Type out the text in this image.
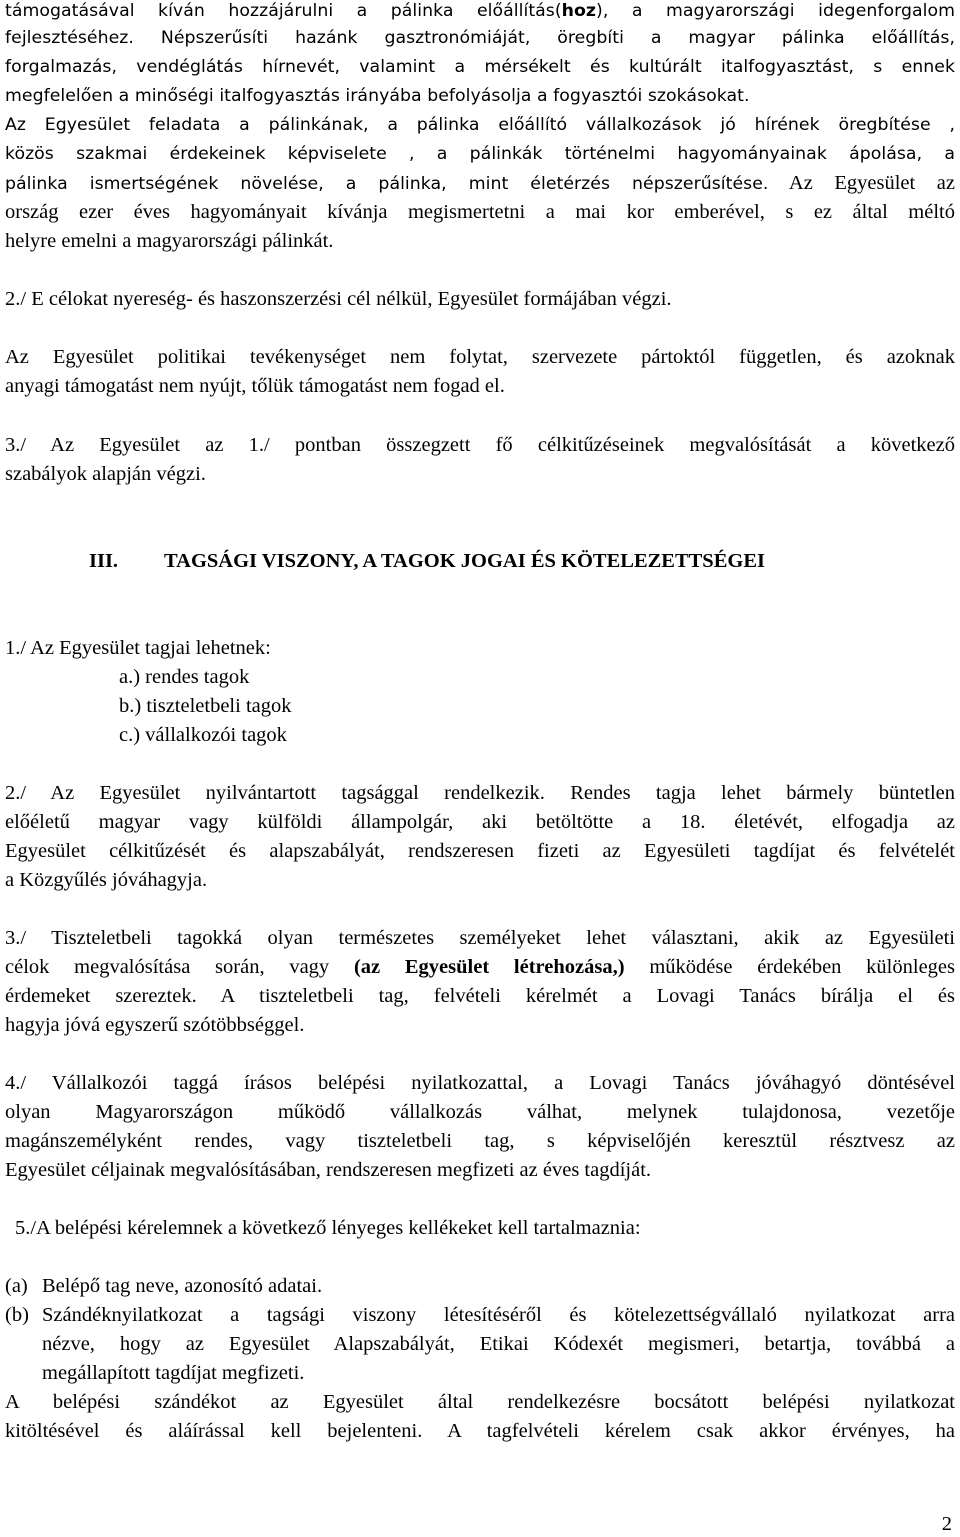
támogatásával kíván hozzájárulni a pálinka előállítás(hoz), a magyarországi idegenforgalom
fejlesztéséhez. Népszerűsíti hazánk gasztronómiáját, öregbíti a magyar pálinka előállítás,
forgalmazás, vendéglátás hírnevét, valamint a mérsékelt és kultúrált italfogyasztást, s ennek
megfelelően a minőségi italfogyasztás irányába befolyásolja a fogyasztói szokásokat.
Az Egyesület feladata a pálinkának, a pálinka előállító vállalkozások jó hírének öregbítése ,
közös szakmai érdekeinek képviselete , a pálinkák történelmi hagyományainak ápolása, a
pálinka ismertségének növelése, a pálinka, mint életérzés népszerűsítése. Az Egyesület az
ország ezer éves hagyományait kívánja megismertetni a mai kor emberével, s ez által méltó
helyre emelni a magyarországi pálinkát.
2./ E célokat nyereség- és haszonszerzési cél nélkül, Egyesület formájában végzi.
Az Egyesület politikai tevékenységet nem folytat, szervezete pártoktól független, és azoknak
anyagi támogatást nem nyújt, tőlük támogatást nem fogad el.
3./ Az Egyesület az 1./ pontban összegzett fő célkitűzéseinek megvalósítását a következő
szabályok alapján végzi.
III. TAGSÁGI VISZONY, A TAGOK JOGAI ÉS KÖTELEZETTSÉGEI
1./ Az Egyesület tagjai lehetnek:
a.) rendes tagok
b.) tiszteletbeli tagok
c.) vállalkozói tagok
2./ Az Egyesület nyilvántartott tagsággal rendelkezik. Rendes tagja lehet bármely büntetlen
előéletű magyar vagy külföldi állampolgár, aki betöltötte a 18. életévét, elfogadja az
Egyesület célkitűzését és alapszabályát, rendszeresen fizeti az Egyesületi tagdíjat és felvételét
a Közgyűlés jóváhagyja.
3./ Tiszteletbeli tagokká olyan természetes személyeket lehet választani, akik az Egyesületi
célok megvalósítása során, vagy (az Egyesület létrehozása,) működése érdekében különleges
érdemeket szereztek. A tiszteletbeli tag, felvételi kérelmét a Lovagi Tanács bírálja el és
hagyja jóvá egyszerű szótöbbséggel.
4./ Vállalkozói taggá írásos belépési nyilatkozattal, a Lovagi Tanács jóváhagyó döntésével
olyan Magyarországon működő vállalkozás válhat, melynek tulajdonosa, vezetője
magánszemélyként rendes, vagy tiszteletbeli tag, s képviselőjén keresztül résztvesz az
Egyesület céljainak megvalósításában, rendszeresen megfizeti az éves tagdíját.
5./A belépési kérelemnek a következő lényeges kellékeket kell tartalmaznia:
(a) Belépő tag neve, azonosító adatai.
(b) Szándéknyilatkozat a tagsági viszony létesítéséről és kötelezettségvállaló nyilatkozat arra
nézve, hogy az Egyesület Alapszabályát, Etikai Kódexét megismeri, betartja, továbbá a
megállapított tagdíjat megfizeti.
A belépési szándékot az Egyesület által rendelkezésre bocsátott belépési nyilatkozat
kitöltésével és aláírással kell bejelenteni. A tagfelvételi kérelem csak akkor érvényes, ha
2
